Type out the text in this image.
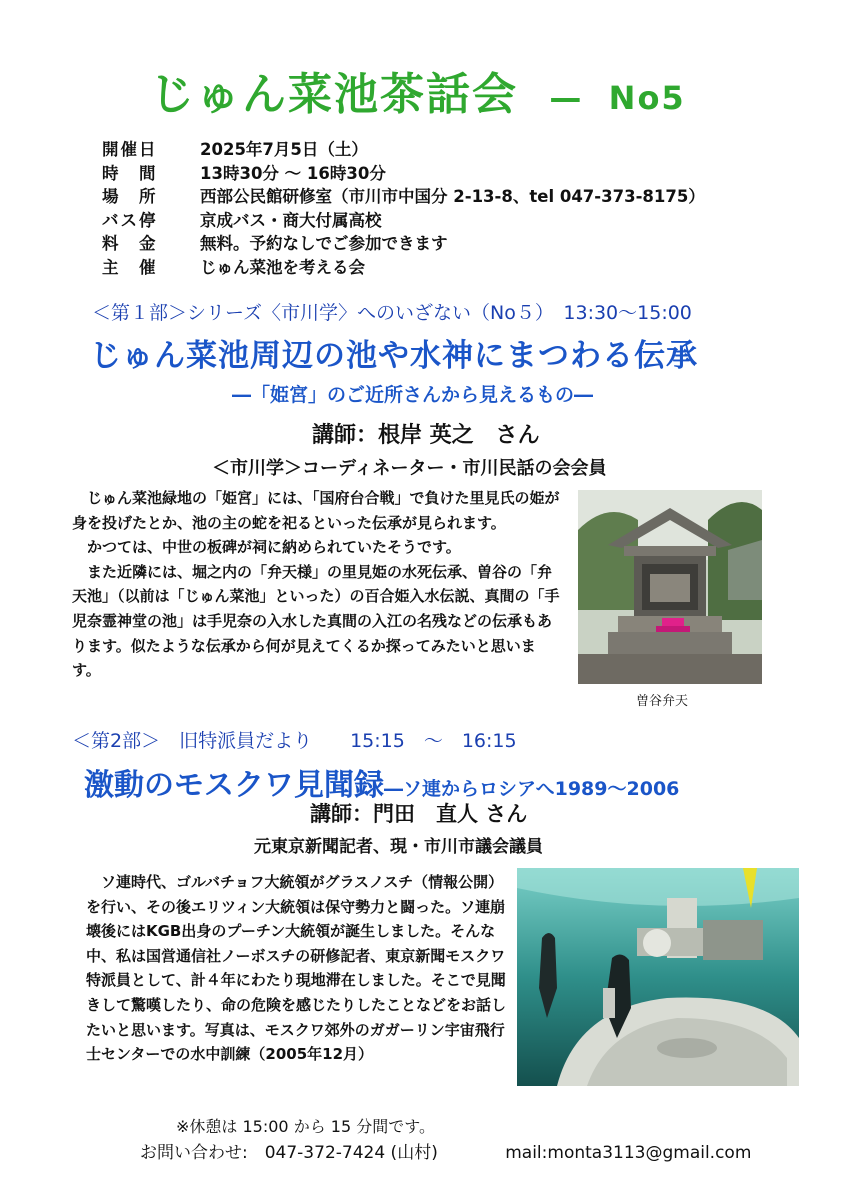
じゅん菜池茶話会 — No5
開催日	2025年7月5日（土）
時　間	13時30分 ～ 16時30分
場　所	西部公民館研修室（市川市中国分 2-13-8、tel 047-373-8175）
バス停	京成バス・商大付属高校
料　金	無料。予約なしでご参加できます
主　催	じゅん菜池を考える会
＜第１部＞シリーズ〈市川学〉へのいざない（No５）　13:30～15:00
じゅん菜池周辺の池や水神にまつわる伝承
―「姫宮」のご近所さんから見えるもの―
講師：根岸 英之　さん
＜市川学＞コーディネーター・市川民話の会会員

じゅん菜池緑地の「姫宮」には、「国府台合戦」で負けた里見氏の姫が身を投げたとか、池の主の蛇を祀るといった伝承が見られます。

かつては、中世の板碑が祠に納められていたそうです。

また近隣には、堀之内の「弁天様」の里見姫の水死伝承、曽谷の「弁天池」（以前は「じゅん菜池」といった）の百合姫入水伝説、真間の「手児奈霊神堂の池」は手児奈の入水した真間の入江の名残などの伝承もあります。似たような伝承から何が見えてくるか探ってみたいと思います。

曽谷弁天
＜第2部＞　旧特派員だより　　15:15　～　16:15
激動のモスクワ見聞録―ソ連からロシアへ1989～2006
講師：門田　直人 さん
元東京新聞記者、現・市川市議会議員

ソ連時代、ゴルバチョフ大統領がグラスノスチ（情報公開）を行い、その後エリツィン大統領は保守勢力と闘った。ソ連崩壊後にはKGB出身のプーチン大統領が誕生しました。そんな中、私は国営通信社ノーボスチの研修記者、東京新聞モスクワ特派員として、計４年にわたり現地滞在しました。そこで見聞きして驚嘆したり、命の危険を感じたりしたことなどをお話したいと思います。写真は、モスクワ郊外のガガーリン宇宙飛行士センターでの水中訓練（2005年12月）

※休憩は 15:00 から 15 分間です。
お問い合わせ:　047-372-7424 (山村)	mail:monta3113@gmail.com
